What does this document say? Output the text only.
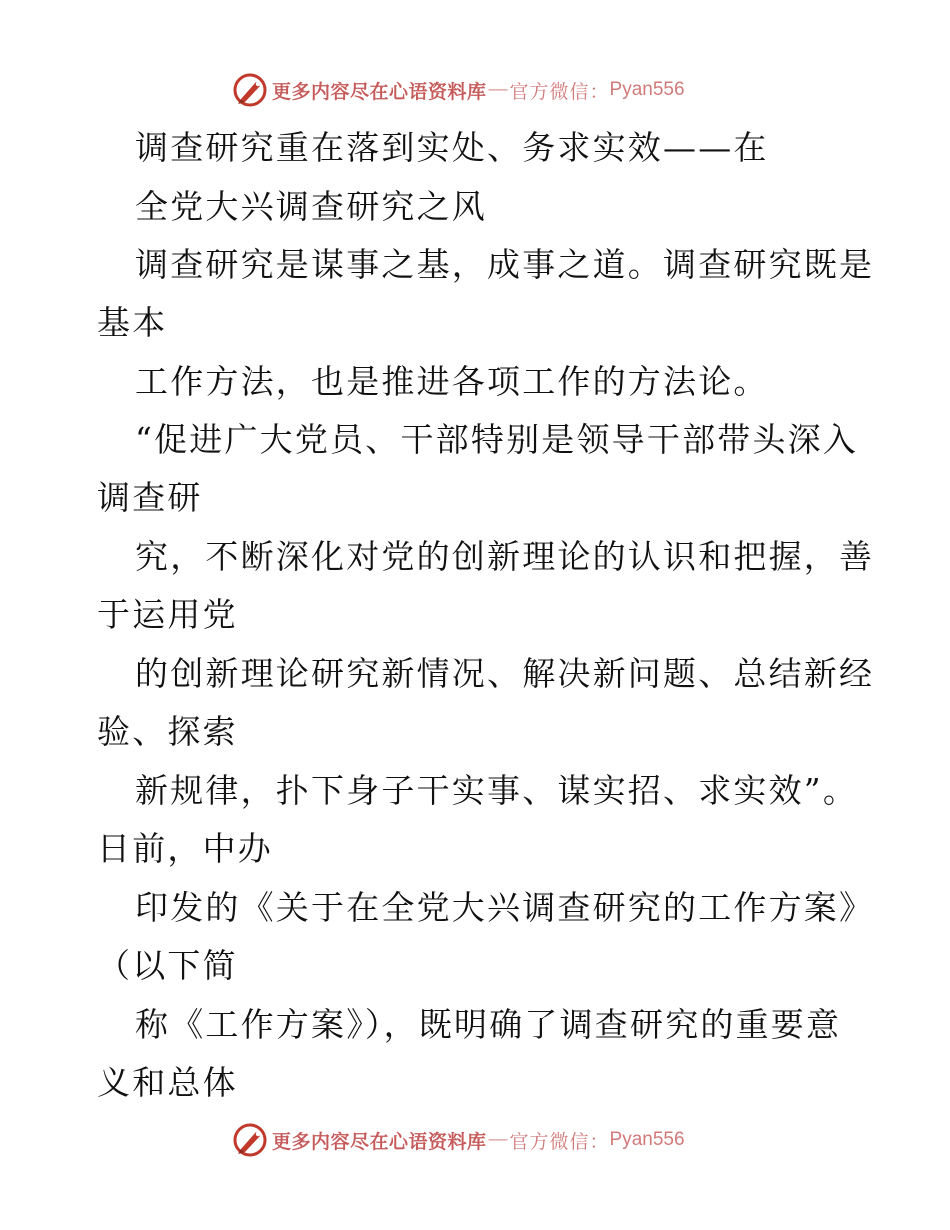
更多内容尽在心语资料库 — 官方微信： Pyan556
调查研究重在落到实处、务求实效——在
全党大兴调查研究之风
调查研究是谋事之基，成事之道。调查研究既是
基本
工作方法，也是推进各项工作的方法论。
“促进广大党员、干部特别是领导干部带头深入
调查研
究，不断深化对党的创新理论的认识和把握，善
于运用党
的创新理论研究新情况、解决新问题、总结新经
验、探索
新规律，扑下身子干实事、谋实招、求实效”。
日前，中办
印发的《关于在全党大兴调查研究的工作方案》
（以下简
称《工作方案》），既明确了调查研究的重要意
义和总体
更多内容尽在心语资料库 — 官方微信： Pyan556
